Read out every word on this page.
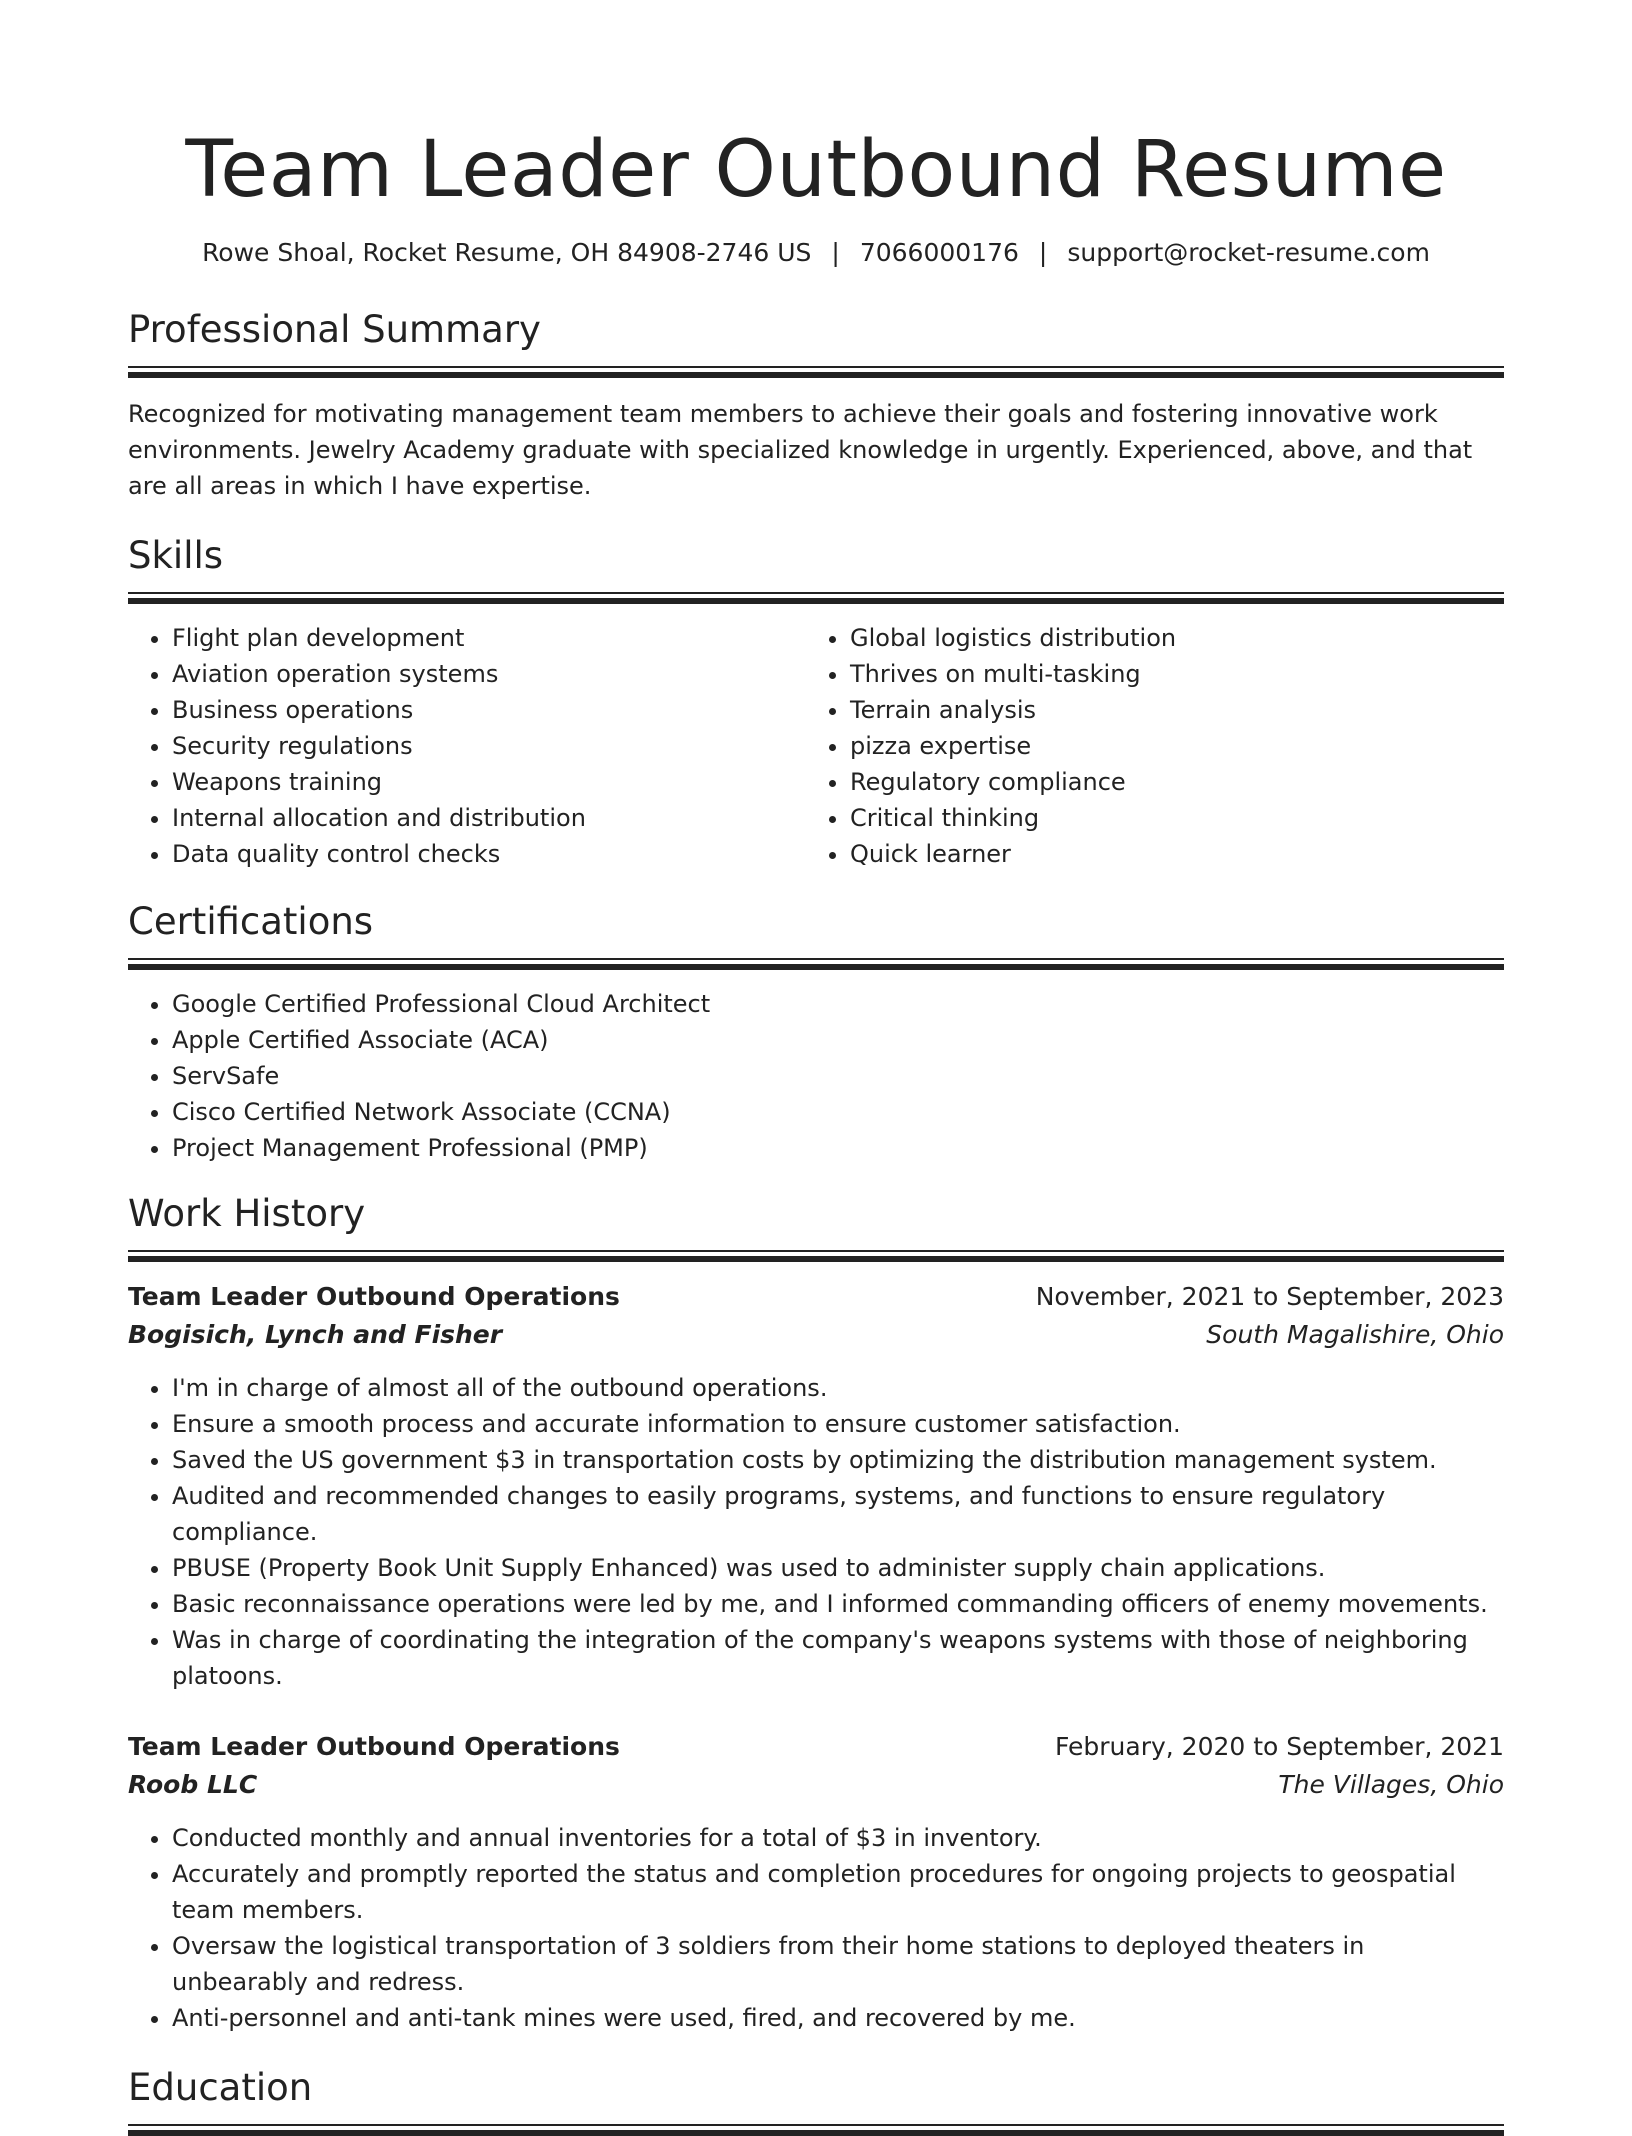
Team Leader Outbound Resume
Rowe Shoal, Rocket Resume, OH 84908-2746 US | 7066000176 | support@rocket-resume.com
Professional Summary

Recognized for motivating management team members to achieve their goals and fostering innovative work environments. Jewelry Academy graduate with specialized knowledge in urgently. Experienced, above, and that are all areas in which I have expertise.

Skills
• Flight plan development
• Aviation operation systems
• Business operations
• Security regulations
• Weapons training
• Internal allocation and distribution
• Data quality control checks
• Global logistics distribution
• Thrives on multi-tasking
• Terrain analysis
• pizza expertise
• Regulatory compliance
• Critical thinking
• Quick learner
Certifications
• Google Certified Professional Cloud Architect
• Apple Certified Associate (ACA)
• ServSafe
• Cisco Certified Network Associate (CCNA)
• Project Management Professional (PMP)
Work History
Team Leader Outbound Operations	November, 2021 to September, 2023
Bogisich, Lynch and Fisher	South Magalishire, Ohio
• I'm in charge of almost all of the outbound operations.
• Ensure a smooth process and accurate information to ensure customer satisfaction.
• Saved the US government $3 in transportation costs by optimizing the distribution management system.
• Audited and recommended changes to easily programs, systems, and functions to ensure regulatory compliance.
• PBUSE (Property Book Unit Supply Enhanced) was used to administer supply chain applications.
• Basic reconnaissance operations were led by me, and I informed commanding officers of enemy movements.
• Was in charge of coordinating the integration of the company's weapons systems with those of neighboring platoons.
Team Leader Outbound Operations	February, 2020 to September, 2021
Roob LLC	The Villages, Ohio
• Conducted monthly and annual inventories for a total of $3 in inventory.
• Accurately and promptly reported the status and completion procedures for ongoing projects to geospatial team members.
• Oversaw the logistical transportation of 3 soldiers from their home stations to deployed theaters in unbearably and redress.
• Anti-personnel and anti-tank mines were used, fired, and recovered by me.
Education
